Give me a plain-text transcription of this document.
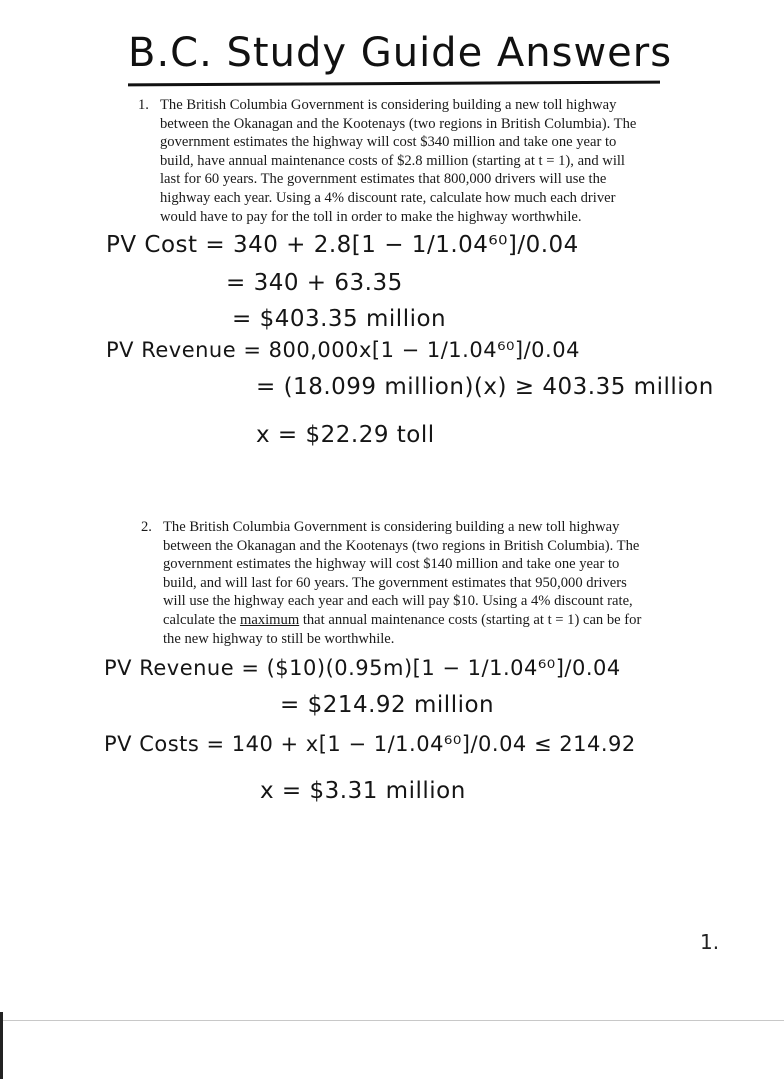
B.C. Study Guide Answers
1. The British Columbia Government is considering building a new toll highway
between the Okanagan and the Kootenays (two regions in British Columbia). The
government estimates the highway will cost $340 million and take one year to
build, have annual maintenance costs of $2.8 million (starting at t = 1), and will
last for 60 years. The government estimates that 800,000 drivers will use the
highway each year. Using a 4% discount rate, calculate how much each driver
would have to pay for the toll in order to make the highway worthwhile.
PV Cost = 340 + 2.8[1 − 1/1.04⁶⁰]/0.04
= 340 + 63.35
= $403.35 million
PV Revenue = 800,000x[1 − 1/1.04⁶⁰]/0.04
= (18.099 million)(x) ≥ 403.35 million
x = $22.29 toll
2. The British Columbia Government is considering building a new toll highway
between the Okanagan and the Kootenays (two regions in British Columbia). The
government estimates the highway will cost $140 million and take one year to
build, and will last for 60 years. The government estimates that 950,000 drivers
will use the highway each year and each will pay $10. Using a 4% discount rate,
calculate the maximum that annual maintenance costs (starting at t = 1) can be for
the new highway to still be worthwhile.
PV Revenue = ($10)(0.95m)[1 − 1/1.04⁶⁰]/0.04
= $214.92 million
PV Costs = 140 + x[1 − 1/1.04⁶⁰]/0.04 ≤ 214.92
x = $3.31 million
1.
